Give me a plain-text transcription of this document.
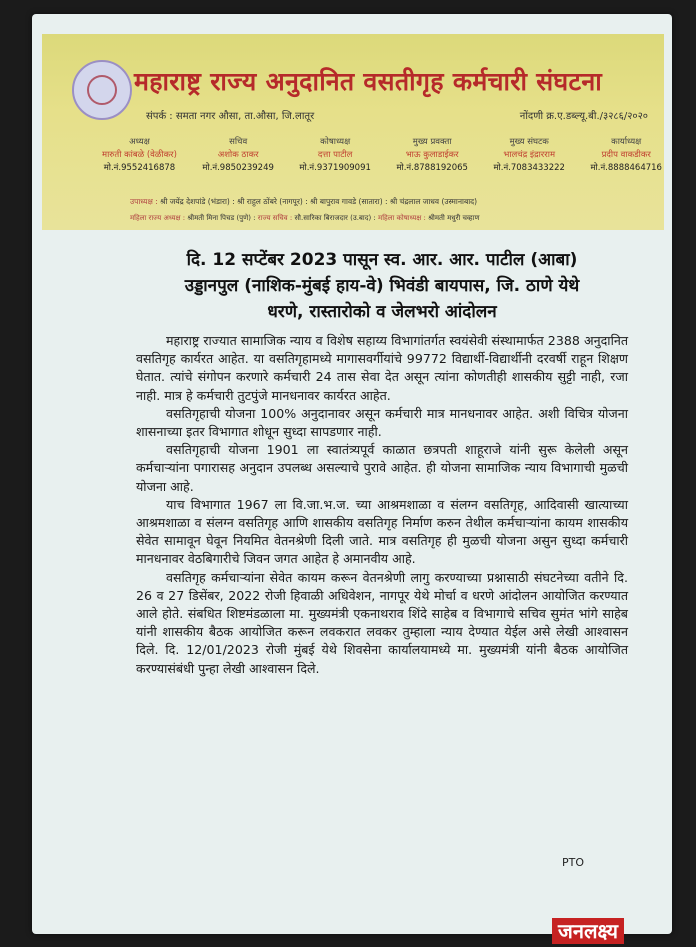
महाराष्ट्र राज्य अनुदानित वसतीगृह कर्मचारी संघटना
संपर्क : समता नगर औसा, ता.औसा, जि.लातूर	नोंदणी क्र.ए.डब्ल्यू.बी./३२८६/२०२०
अध्यक्ष
मारुती कांबळे (वेळीकर)
मो.नं.9552416878
सचिव
अशोक ठाकर
मो.नं.9850239249
कोषाध्यक्ष
दत्ता पाटील
मो.नं.9371909091
मुख्य प्रवक्ता
भाऊ कुलाडाईकर
मो.नं.8788192065
मुख्य संघटक
भालचंद्र इंद्रारराम
मो.नं.7083433222
कार्याध्यक्ष
प्रदीप वाकडीकर
मो.नं.8888464716
उपाध्यक्ष : श्री जयेंद्र देशपांडे (भंडारा) : श्री राहुल ठोंबरे (नागपूर) : श्री बापुराव गावडे (सातारा) : श्री चंद्रलाल जाधव (उस्मानाबाद)
महिला राज्य अध्यक्ष : श्रीमती मिना पिचड (पुणे) : राज्य सचिव : सौ.सारिका बिराजदार (उ.बाद) : महिला कोषाध्यक्ष : श्रीमती मधुरी चव्हाण
दि. 12 सप्टेंबर 2023 पासून स्व. आर. आर. पाटील (आबा)
उड्डानपुल (नाशिक-मुंबई हाय-वे) भिवंडी बायपास, जि. ठाणे येथे
धरणे, रास्तारोको व जेलभरो आंदोलन

महाराष्ट्र राज्यात सामाजिक न्याय व विशेष सहाय्य विभागांतर्गत स्वयंसेवी संस्थामार्फत 2388 अनुदानित वसतिगृह कार्यरत आहेत. या वसतिगृहामध्ये मागासवर्गीयांचे 99772 विद्यार्थी-विद्यार्थीनी दरवर्षी राहून शिक्षण घेतात. त्यांचे संगोपन करणारे कर्मचारी 24 तास सेवा देत असून त्यांना कोणतीही शासकीय सुट्टी नाही, रजा नाही. मात्र हे कर्मचारी तुटपुंजे मानधनावर कार्यरत आहेत.

वसतिगृहाची योजना 100% अनुदानावर असून कर्मचारी मात्र मानधनावर आहेत. अशी विचित्र योजना शासनाच्या इतर विभागात शोधून सुध्दा सापडणार नाही.

वसतिगृहाची योजना 1901 ला स्वातंत्र्यपूर्व काळात छत्रपती शाहूराजे यांनी सुरू केलेली असून कर्मचाऱ्यांना पगारासह अनुदान उपलब्ध असल्याचे पुरावे आहेत. ही योजना सामाजिक न्याय विभागाची मुळची योजना आहे.

याच विभागात 1967 ला वि.जा.भ.ज. च्या आश्रमशाळा व संलग्न वसतिगृह, आदिवासी खात्याच्या आश्रमशाळा व संलग्न वसतिगृह आणि शासकीय वसतिगृह निर्माण करुन तेथील कर्मचाऱ्यांना कायम शासकीय सेवेत सामावून घेवून नियमित वेतनश्रेणी दिली जाते. मात्र वसतिगृह ही मुळची योजना असुन सुध्दा कर्मचारी मानधनावर वेठबिगारीचे जिवन जगत आहेत हे अमानवीय आहे.

वसतिगृह कर्मचाऱ्यांना सेवेत कायम करून वेतनश्रेणी लागु करण्याच्या प्रश्नासाठी संघटनेच्या वतीने दि. 26 व 27 डिसेंबर, 2022 रोजी हिवाळी अधिवेशन, नागपूर येथे मोर्चा व धरणे आंदोलन आयोजित करण्यात आले होते. संबधित शिष्टमंडळाला मा. मुख्यमंत्री एकनाथराव शिंदे साहेब व विभागाचे सचिव सुमंत भांगे साहेब यांनी शासकीय बैठक आयोजित करून लवकरात लवकर तुम्हाला न्याय देण्यात येईल असे लेखी आश्वासन दिले. दि. 12/01/2023 रोजी मुंबई येथे शिवसेना कार्यालयामध्ये मा. मुख्यमंत्री यांनी बैठक आयोजित करण्यासंबंधी पुन्हा लेखी आश्वासन दिले.

PTO
जनलक्ष्य
